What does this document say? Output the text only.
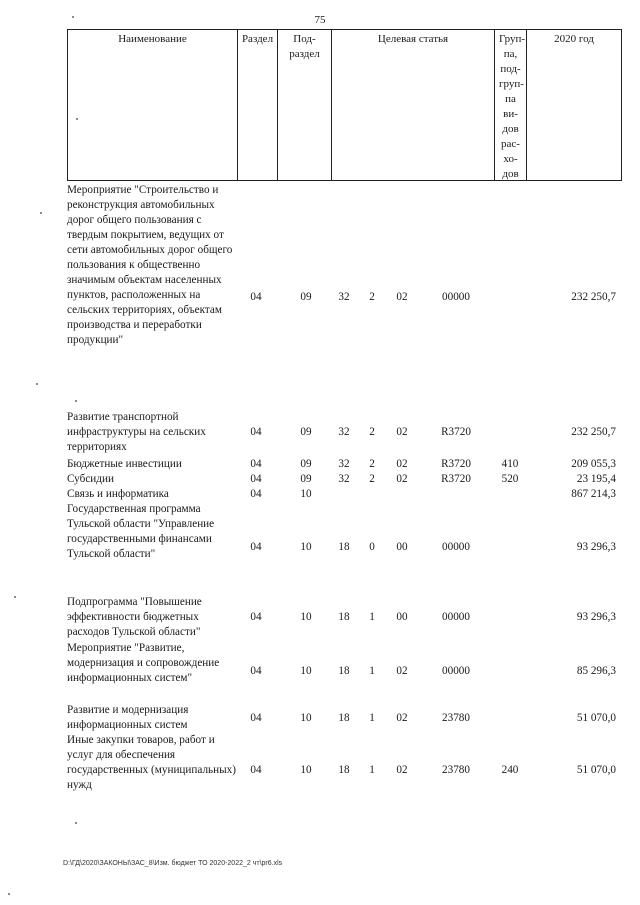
75
Наименование	Раздел	Под-раздел
Целевая статья	Груп-па, под-груп-па ви-дов рас-хо-дов
2020 год
Мероприятие "Строительство и реконструкция автомобильных дорог общего пользования с твердым покрытием, ведущих от сети автомобильных дорог общего пользования к общественно значимым объектам населенных пунктов, расположенных на сельских территориях, объектам производства и переработки продукции"
04	09	32	2	02	00000	232 250,7
Развитие транспортной инфраструктуры на сельских территориях
04	09	32	2	02	R3720	232 250,7
Бюджетные инвестиции	04	09	32	2	02	R3720	410	209 055,3
Субсидии	04	09	32	2	02	R3720	520	23 195,4
Связь и информатика	04	10	867 214,3
Государственная программа Тульской области "Управление государственными финансами Тульской области"
04	10	18	0	00	00000	93 296,3
Подпрограмма "Повышение эффективности бюджетных расходов Тульской области"
04	10	18	1	00	00000	93 296,3
Мероприятие "Развитие, модернизация и сопровождение информационных систем"
04	10	18	1	02	00000	85 296,3
Развитие и модернизация информационных систем
04	10	18	1	02	23780	51 070,0
Иные закупки товаров, работ и услуг для обеспечения государственных (муниципальных) нужд
04	10	18	1	02	23780	240	51 070,0
D:\ГД\2020\ЗАКОНЫ\ЗАС_8\Изм. бюджет ТО 2020-2022_2 чт\pr6.xls
